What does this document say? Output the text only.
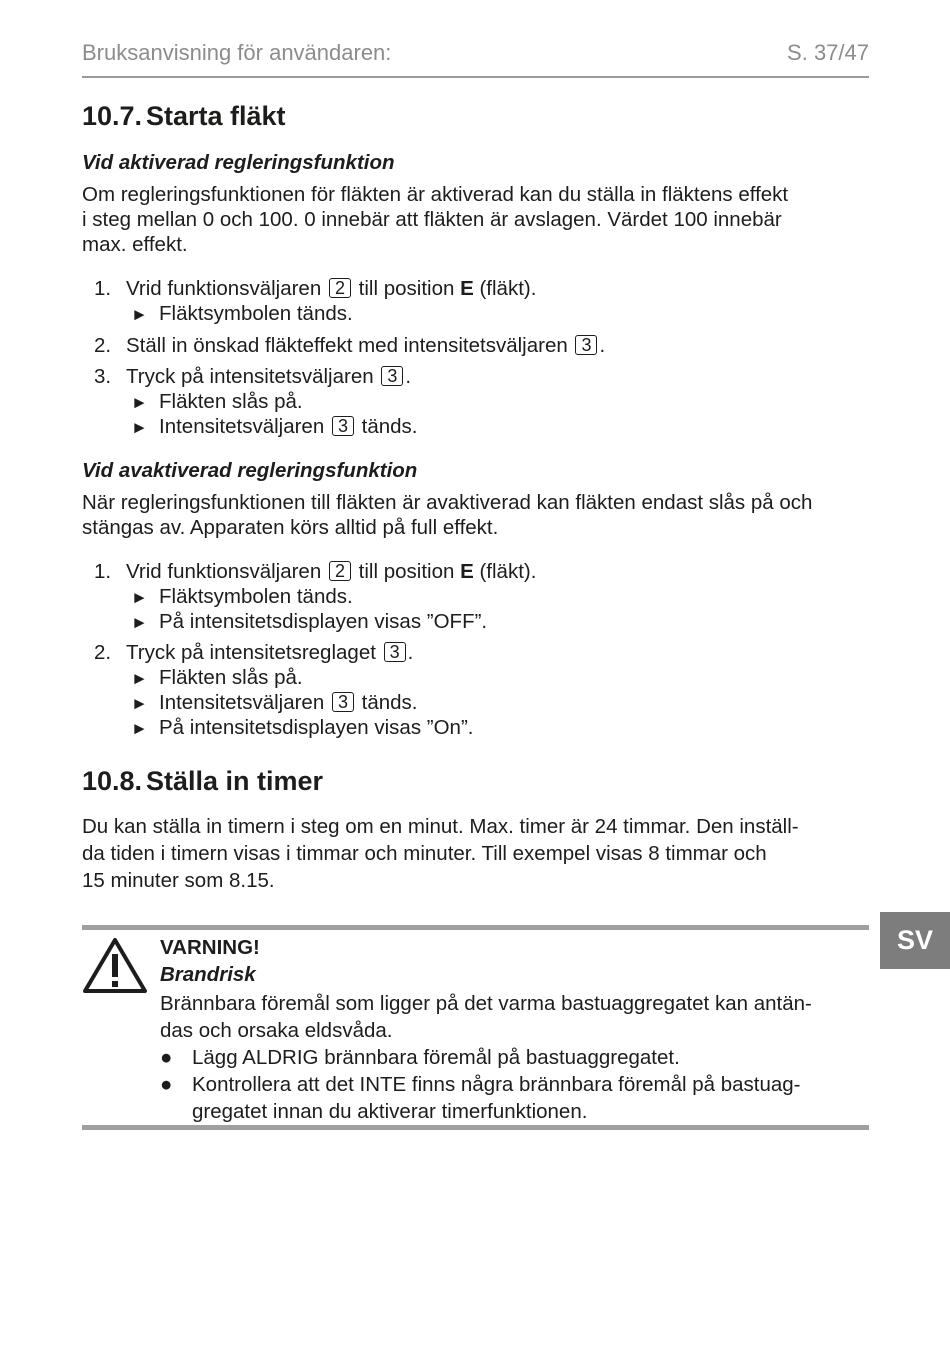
Bruksanvisning för användaren:	S. 37/47
10.7. Starta fläkt
Vid aktiverad regleringsfunktion
Om regleringsfunktionen för fläkten är aktiverad kan du ställa in fläktens effekt
i steg mellan 0 och 100. 0 innebär att fläkten är avslagen. Värdet 100 innebär
max. effekt.
1. Vrid funktionsväljaren 2 till position E (fläkt).
► Fläktsymbolen tänds.
2. Ställ in önskad fläkteffekt med intensitetsväljaren 3 .
3. Tryck på intensitetsväljaren 3 .
► Fläkten slås på.
► Intensitetsväljaren 3 tänds.
Vid avaktiverad regleringsfunktion
När regleringsfunktionen till fläkten är avaktiverad kan fläkten endast slås på och
stängas av. Apparaten körs alltid på full effekt.
1. Vrid funktionsväljaren 2 till position E (fläkt).
► Fläktsymbolen tänds.
► På intensitetsdisplayen visas ”OFF”.
2. Tryck på intensitetsreglaget 3 .
► Fläkten slås på.
► Intensitetsväljaren 3 tänds.
► På intensitetsdisplayen visas ”On”.
10.8. Ställa in timer
Du kan ställa in timern i steg om en minut. Max. timer är 24 timmar. Den inställ-
da tiden i timern visas i timmar och minuter. Till exempel visas 8 timmar och
15 minuter som 8.15.
VARNING!
Brandrisk
Brännbara föremål som ligger på det varma bastuaggregatet kan antän-
das och orsaka eldsvåda.
● Lägg ALDRIG brännbara föremål på bastuaggregatet.
● Kontrollera att det INTE finns några brännbara föremål på bastuag-
gregatet innan du aktiverar timerfunktionen.
SV
